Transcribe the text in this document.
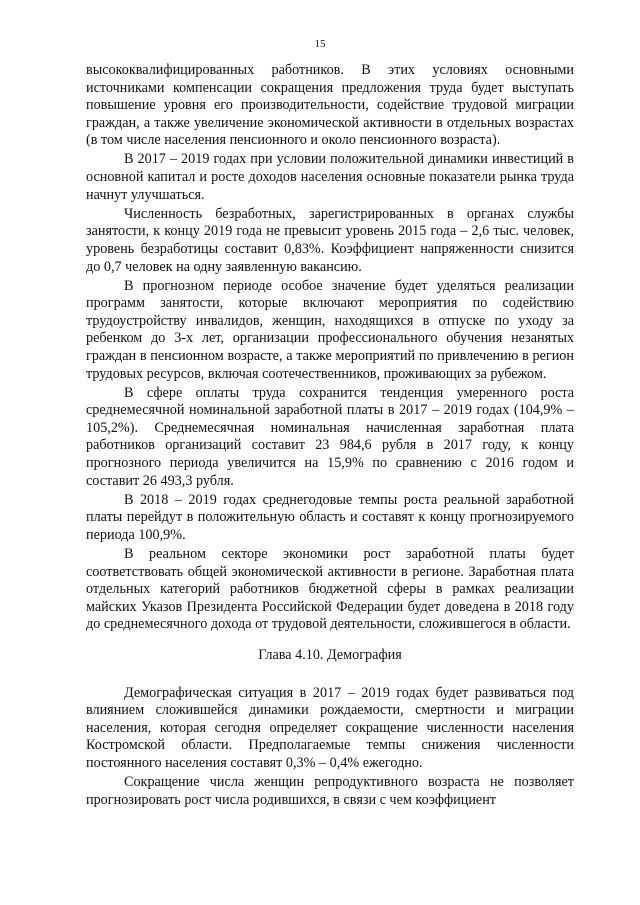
15

высококвалифицированных работников. В этих условиях основными источниками компенсации сокращения предложения труда будет выступать повышение уровня его производительности, содействие трудовой миграции граждан, а также увеличение экономической активности в отдельных возрастах (в том числе населения пенсионного и около пенсионного возраста).

В 2017 – 2019 годах при условии положительной динамики инвестиций в основной капитал и росте доходов населения основные показатели рынка труда начнут улучшаться.

Численность безработных, зарегистрированных в органах службы занятости, к концу 2019 года не превысит уровень 2015 года – 2,6 тыс. человек, уровень безработицы составит 0,83%. Коэффициент напряженности снизится до 0,7 человек на одну заявленную вакансию.

В прогнозном периоде особое значение будет уделяться реализации программ занятости, которые включают мероприятия по содействию трудоустройству инвалидов, женщин, находящихся в отпуске по уходу за ребенком до 3-х лет, организации профессионального обучения незанятых граждан в пенсионном возрасте, а также мероприятий по привлечению в регион трудовых ресурсов, включая соотечественников, проживающих за рубежом.

В сфере оплаты труда сохранится тенденция умеренного роста среднемесячной номинальной заработной платы в 2017 – 2019 годах (104,9% – 105,2%). Среднемесячная номинальная начисленная заработная плата работников организаций составит 23 984,6 рубля в 2017 году, к концу прогнозного периода увеличится на 15,9% по сравнению с 2016 годом и составит 26 493,3 рубля.

В 2018 – 2019 годах среднегодовые темпы роста реальной заработной платы перейдут в положительную область и составят к концу прогнозируемого периода 100,9%.

В реальном секторе экономики рост заработной платы будет соответствовать общей экономической активности в регионе. Заработная плата отдельных категорий работников бюджетной сферы в рамках реализации майских Указов Президента Российской Федерации будет доведена в 2018 году до среднемесячного дохода от трудовой деятельности, сложившегося в области.

Глава 4.10. Демография

Демографическая ситуация в 2017 – 2019 годах будет развиваться под влиянием сложившейся динамики рождаемости, смертности и миграции населения, которая сегодня определяет сокращение численности населения Костромской области. Предполагаемые темпы снижения численности постоянного населения составят 0,3% – 0,4% ежегодно.

Сокращение числа женщин репродуктивного возраста не позволяет прогнозировать рост числа родившихся, в связи с чем коэффициент
